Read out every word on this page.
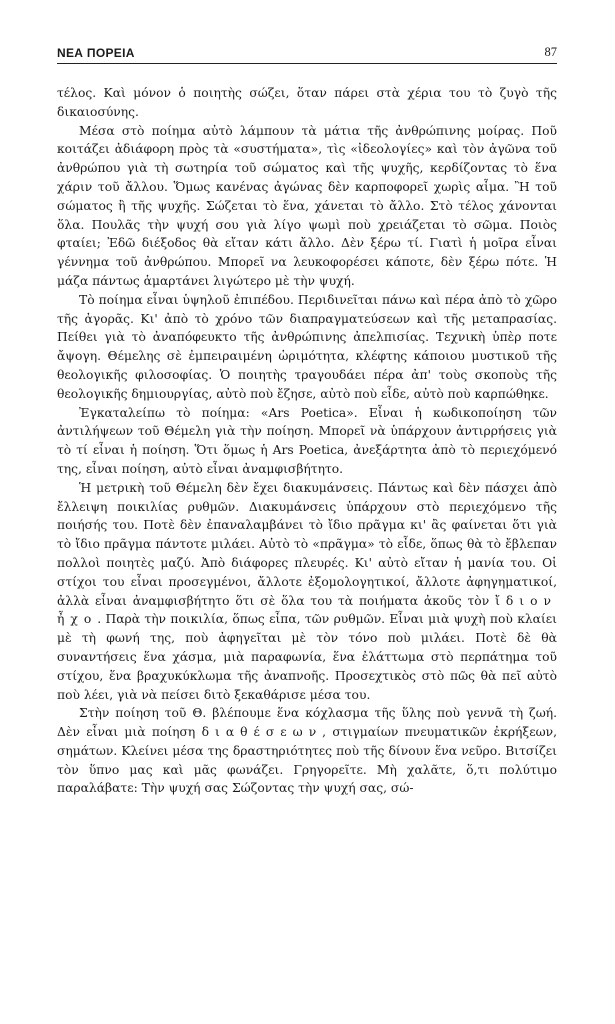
ΝΕΑ ΠΟΡΕΙΑ	87

τέλος. Καὶ μόνον ὁ ποιητὴς σώζει, ὅταν πάρει στὰ χέρια του τὸ ζυγὸ τῆς δικαιοσύνης.

Μέσα στὸ ποίημα αὐτὸ λάμπουν τὰ μάτια τῆς ἀνθρώπινης μοίρας. Ποῦ κοιτάζει ἀδιάφορη πρὸς τὰ «συστήματα», τὶς «ἰδεολογίες» καὶ τὸν ἀγῶνα τοῦ ἀνθρώπου γιὰ τὴ σωτηρία τοῦ σώματος καὶ τῆς ψυχῆς, κερδίζοντας τὸ ἕνα χάριν τοῦ ἄλλου. Ὅμως κανένας ἀγώνας δὲν καρποφορεῖ χωρὶς αἷμα. Ἢ τοῦ σώματος ἢ τῆς ψυχῆς. Σώζεται τὸ ἕνα, χάνεται τὸ ἄλλο. Στὸ τέλος χάνονται ὅλα. Πουλᾶς τὴν ψυχή σου γιὰ λίγο ψωμὶ ποὺ χρειάζεται τὸ σῶμα. Ποιὸς φταίει; Ἐδῶ διέξοδος θὰ εἴταν κάτι ἄλλο. Δὲν ξέρω τί. Γιατὶ ἡ μοῖρα εἶναι γέννημα τοῦ ἀνθρώπου. Μπορεῖ να λευκοφορέσει κάποτε, δὲν ξέρω πότε. Ἡ μάζα πάντως ἁμαρτάνει λιγώτερο μὲ τὴν ψυχή.

Τὸ ποίημα εἶναι ὑψηλοῦ ἐπιπέδου. Περιδινεῖται πάνω καὶ πέρα ἀπὸ τὸ χῶρο τῆς ἀγορᾶς. Κι' ἀπὸ τὸ χρόνο τῶν διαπραγματεύσεων καὶ τῆς μεταπρασίας. Πείθει γιὰ τὸ ἀναπόφευκτο τῆς ἀνθρώπινης ἀπελπισίας. Τεχνικὴ ὑπὲρ ποτε ἄψογη. Θέμελης σὲ ἐμπειραιμένη ὡριμότητα, κλέφτης κάποιου μυστικοῦ τῆς θεολογικῆς φιλοσοφίας. Ὁ ποιητὴς τραγουδάει πέρα ἀπ' τοὺς σκοποὺς τῆς θεολογικῆς δημιουργίας, αὐτὸ ποὺ ἔζησε, αὐτὸ ποὺ εἶδε, αὐτὸ ποὺ καρπώθηκε.

Ἐγκαταλείπω τὸ ποίημα: «Ars Poetica». Εἶναι ἡ κωδικοποίηση τῶν ἀντιλήψεων τοῦ Θέμελη γιὰ τὴν ποίηση. Μπορεῖ νὰ ὑπάρχουν ἀντιρρήσεις γιὰ τὸ τί εἶναι ἡ ποίηση. Ὅτι ὅμως ἡ Ars Poetica, ἀνεξάρτητα ἀπὸ τὸ περιεχόμενό της, εἶναι ποίηση, αὐτὸ εἶναι ἀναμφισβήτητο.

Ἡ μετρικὴ τοῦ Θέμελη δὲν ἔχει διακυμάνσεις. Πάντως καὶ δὲν πάσχει ἀπὸ ἔλλειψη ποικιλίας ρυθμῶν. Διακυμάνσεις ὑπάρχουν στὸ περιεχόμενο τῆς ποιήσής του. Ποτὲ δὲν ἐπαναλαμβάνει τὸ ἴδιο πρᾶγμα κι' ἂς φαίνεται ὅτι γιὰ τὸ ἴδιο πρᾶγμα πάντοτε μιλάει. Αὐτὸ τὸ «πρᾶγμα» τὸ εἶδε, ὅπως θὰ τὸ ἔβλεπαν πολλοὶ ποιητὲς μαζύ. Ἀπὸ διάφορες πλευρές. Κι' αὐτὸ εἴταν ἡ μανία του. Οἱ στίχοι του εἶναι προσεγμένοι, ἄλλοτε ἐξομολογητικοί, ἄλλοτε ἀφηγηματικοί, ἀλλὰ εἶναι ἀναμφισβήτητο ὅτι σὲ ὅλα του τὰ ποιήματα ἀκοῦς τὸν ἴδιον ἦχο. Παρὰ τὴν ποικιλία, ὅπως εἶπα, τῶν ρυθμῶν. Εἶναι μιὰ ψυχὴ ποὺ κλαίει μὲ τὴ φωνή της, ποὺ ἀφηγεῖται μὲ τὸν τόνο ποὺ μιλάει. Ποτὲ δὲ θὰ συναντήσεις ἕνα χάσμα, μιὰ παραφωνία, ἕνα ἐλάττωμα στὸ περπάτημα τοῦ στίχου, ἕνα βραχυκύκλωμα τῆς ἀναπνοῆς. Προσεχτικὸς στὸ πῶς θὰ πεῖ αὐτὸ ποὺ λέει, γιὰ νὰ πείσει διτὸ ξεκαθάρισε μέσα του.

Στὴν ποίηση τοῦ Θ. βλέπουμε ἕνα κόχλασμα τῆς ὕλης ποὺ γεννᾶ τὴ ζωή. Δὲν εἶναι μιὰ ποίηση διαθέσεων, στιγμαίων πνευματικῶν ἐκρήξεων, σημάτων. Κλείνει μέσα της δραστηριότητες ποὺ τῆς δίνουν ἕνα νεῦρο. Βιτσίζει τὸν ὕπνο μας καὶ μᾶς φωνάζει. Γρηγορεῖτε. Μὴ χαλᾶτε, ὅ,τι πολύτιμο παραλάβατε: Τὴν ψυχή σας Σώζοντας τὴν ψυχή σας, σώ-
